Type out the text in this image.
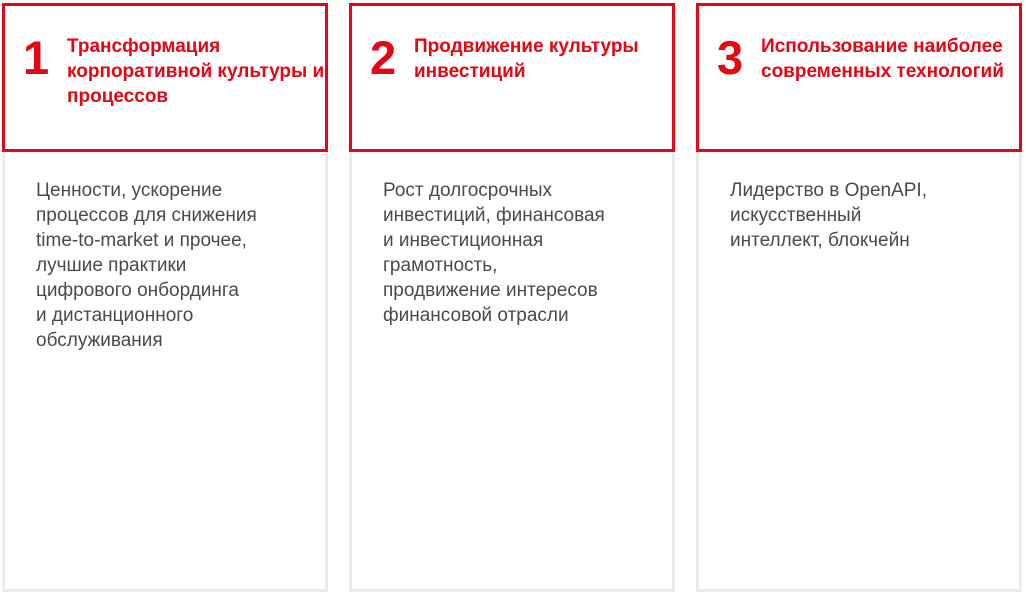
1 Трансформация корпоративной культуры и процессов
Ценности, ускорение
процессов для снижения
time-to-market и прочее,
лучшие практики
цифрового онбординга
и дистанционного
обслуживания
2 Продвижение культуры инвестиций
Рост долгосрочных
инвестиций, финансовая
и инвестиционная
грамотность,
продвижение интересов
финансовой отрасли
3 Использование наиболее современных технологий
Лидерство в OpenAPI,
искусственный
интеллект, блокчейн
